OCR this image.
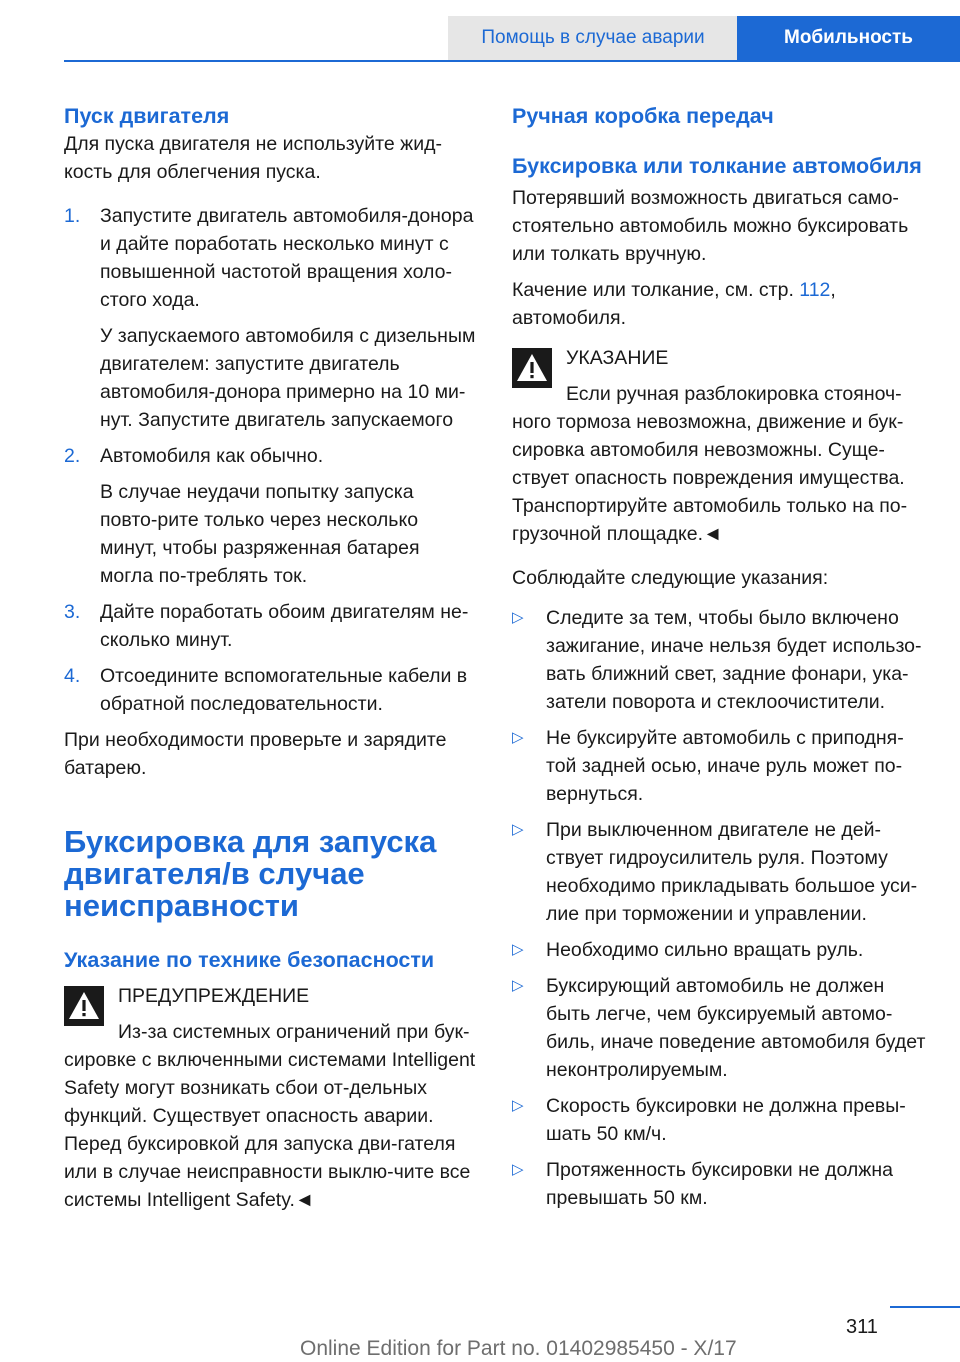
Помощь в случае аварии	Мобильность
Пуск двигателя

Для пуска двигателя не используйте жид-кость для облегчения пуска.

1. Запустите двигатель автомобиля-донора и дайте поработать несколько минут с повышенной частотой вращения холо-стого хода.
У запускаемого автомобиля с дизельным двигателем: запустите двигатель автомобиля-донора примерно на 10 ми-нут. Запустите двигатель запускаемого
2. Автомобиля как обычно.
В случае неудачи попытку запуска повто-рите только через несколько минут, чтобы разряженная батарея могла по-треблять ток.
3. Дайте поработать обоим двигателям не-сколько минут.
4. Отсоедините вспомогательные кабели в обратной последовательности.

При необходимости проверьте и зарядите батарею.

Буксировка для запуска двигателя/в случае неисправности
Указание по технике безопасности
ПРЕДУПРЕЖДЕНИЕ

Из-за системных ограничений при бук-сировке с включенными системами Intelligent Safety могут возникать сбои от-дельных функций. Существует опасность аварии. Перед буксировкой для запуска дви-гателя или в случае неисправности выклю-чите все системы Intelligent Safety.◄

Ручная коробка передач
Буксировка или толкание автомобиля

Потерявший возможность двигаться само-стоятельно автомобиль можно буксировать или толкать вручную.

Качение или толкание, см. стр. 112, автомобиля.

УКАЗАНИЕ

Если ручная разблокировка стояноч-ного тормоза невозможна, движение и бук-сировка автомобиля невозможны. Суще-ствует опасность повреждения имущества. Транспортируйте автомобиль только на по-грузочной площадке.◄

Соблюдайте следующие указания:

▷ Следите за тем, чтобы было включено зажигание, иначе нельзя будет использо-вать ближний свет, задние фонари, ука-затели поворота и стеклоочистители.
▷ Не буксируйте автомобиль с приподня-той задней осью, иначе руль может по-вернуться.
▷ При выключенном двигателе не дей-ствует гидроусилитель руля. Поэтому необходимо прикладывать большое уси-лие при торможении и управлении.
▷ Необходимо сильно вращать руль.
▷ Буксирующий автомобиль не должен быть легче, чем буксируемый автомо-биль, иначе поведение автомобиля будет неконтролируемым.
▷ Скорость буксировки не должна превы-шать 50 км/ч.
▷ Протяженность буксировки не должна превышать 50 км.
311
Online Edition for Part no. 01402985450 - X/17
